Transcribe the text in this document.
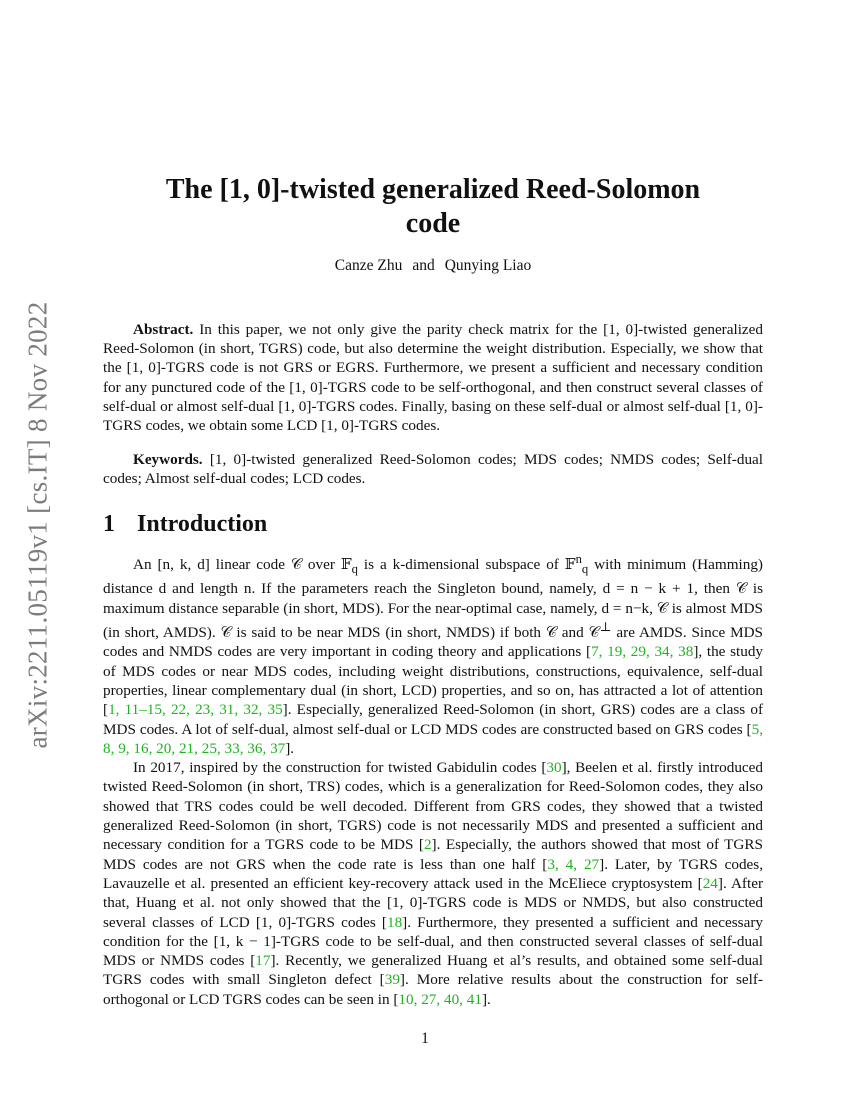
arXiv:2211.05119v1 [cs.IT] 8 Nov 2022
The [1, 0]-twisted generalized Reed-Solomon
code
Canze Zhu and Qunying Liao

Abstract. In this paper, we not only give the parity check matrix for the [1, 0]-twisted generalized Reed-Solomon (in short, TGRS) code, but also determine the weight distribution. Especially, we show that the [1, 0]-TGRS code is not GRS or EGRS. Furthermore, we present a sufficient and necessary condition for any punctured code of the [1, 0]-TGRS code to be self-orthogonal, and then construct several classes of self-dual or almost self-dual [1, 0]-TGRS codes. Finally, basing on these self-dual or almost self-dual [1, 0]-TGRS codes, we obtain some LCD [1, 0]-TGRS codes.

Keywords. [1, 0]-twisted generalized Reed-Solomon codes; MDS codes; NMDS codes; Self-dual codes; Almost self-dual codes; LCD codes.

1 Introduction

An [n, k, d] linear code 𝒞 over 𝔽$_q$ is a k-dimensional subspace of 𝔽$^n_q$ with minimum (Hamming) distance d and length n. If the parameters reach the Singleton bound, namely, d = n − k + 1, then 𝒞 is maximum distance separable (in short, MDS). For the near-optimal case, namely, d = n−k, 𝒞 is almost MDS (in short, AMDS). 𝒞 is said to be near MDS (in short, NMDS) if both 𝒞 and 𝒞⊥ are AMDS. Since MDS codes and NMDS codes are very important in coding theory and applications [7, 19, 29, 34, 38], the study of MDS codes or near MDS codes, including weight distributions, constructions, equivalence, self-dual properties, linear complementary dual (in short, LCD) properties, and so on, has attracted a lot of attention [1, 11–15, 22, 23, 31, 32, 35]. Especially, generalized Reed-Solomon (in short, GRS) codes are a class of MDS codes. A lot of self-dual, almost self-dual or LCD MDS codes are constructed based on GRS codes [5, 8, 9, 16, 20, 21, 25, 33, 36, 37].

In 2017, inspired by the construction for twisted Gabidulin codes [30], Beelen et al. firstly introduced twisted Reed-Solomon (in short, TRS) codes, which is a generalization for Reed-Solomon codes, they also showed that TRS codes could be well decoded. Different from GRS codes, they showed that a twisted generalized Reed-Solomon (in short, TGRS) code is not necessarily MDS and presented a sufficient and necessary condition for a TGRS code to be MDS [2]. Especially, the authors showed that most of TGRS MDS codes are not GRS when the code rate is less than one half [3, 4, 27]. Later, by TGRS codes, Lavauzelle et al. presented an efficient key-recovery attack used in the McEliece cryptosystem [24]. After that, Huang et al. not only showed that the [1, 0]-TGRS code is MDS or NMDS, but also constructed several classes of LCD [1, 0]-TGRS codes [18]. Furthermore, they presented a sufficient and necessary condition for the [1, k − 1]-TGRS code to be self-dual, and then constructed several classes of self-dual MDS or NMDS codes [17]. Recently, we generalized Huang et al’s results, and obtained some self-dual TGRS codes with small Singleton defect [39]. More relative results about the construction for self-orthogonal or LCD TGRS codes can be seen in [10, 27, 40, 41].

1
